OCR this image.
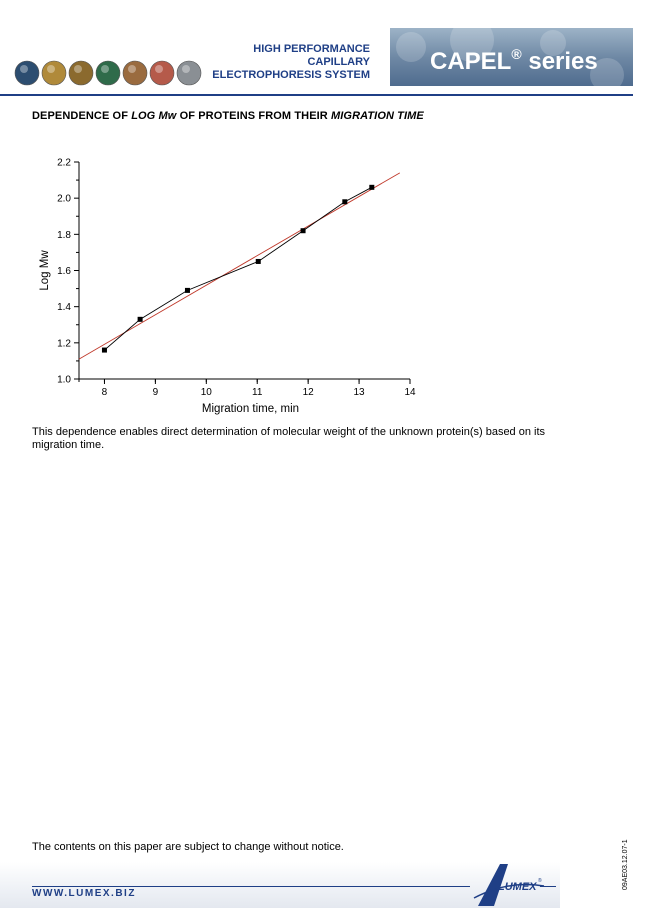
HIGH PERFORMANCE
CAPILLARY
ELECTROPHORESIS SYSTEM	CAPEL® series
DEPENDENCE OF LOG Mw OF PROTEINS FROM THEIR MIGRATION TIME
8	9	10	11	12	13	14
1.0
1.2
1.4
1.6
1.8
2.0
2.2
Migration time, min
Log Mw
This dependence enables direct determination of molecular weight of the unknown protein(s) based on its migration time.
The contents on this paper are subject to change without notice.
WWW.LUMEX.BIZ
LUMEX ®	09AE03.12.07-1
